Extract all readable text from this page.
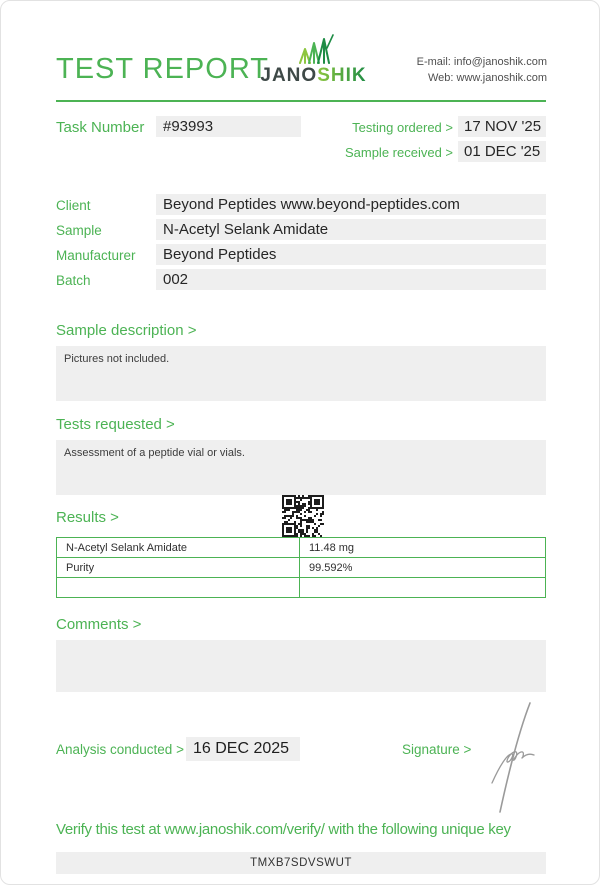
TEST REPORT
JANOSHIK
E-mail: info@janoshik.com
Web: www.janoshik.com
Task Number	#93993	Testing ordered > 17 NOV '25
Sample received > 01 DEC '25
Client	Beyond Peptides www.beyond-peptides.com
Sample	N-Acetyl Selank Amidate
Manufacturer	Beyond Peptides
Batch	002
Sample description >
Pictures not included.
Tests requested >
Assessment of a peptide vial or vials.
Results >
N-Acetyl Selank Amidate	11.48 mg
Purity	99.592%

Comments >
Analysis conducted > 16 DEC 2025	Signature >
Verify this test at www.janoshik.com/verify/ with the following unique key
TMXB7SDVSWUT
